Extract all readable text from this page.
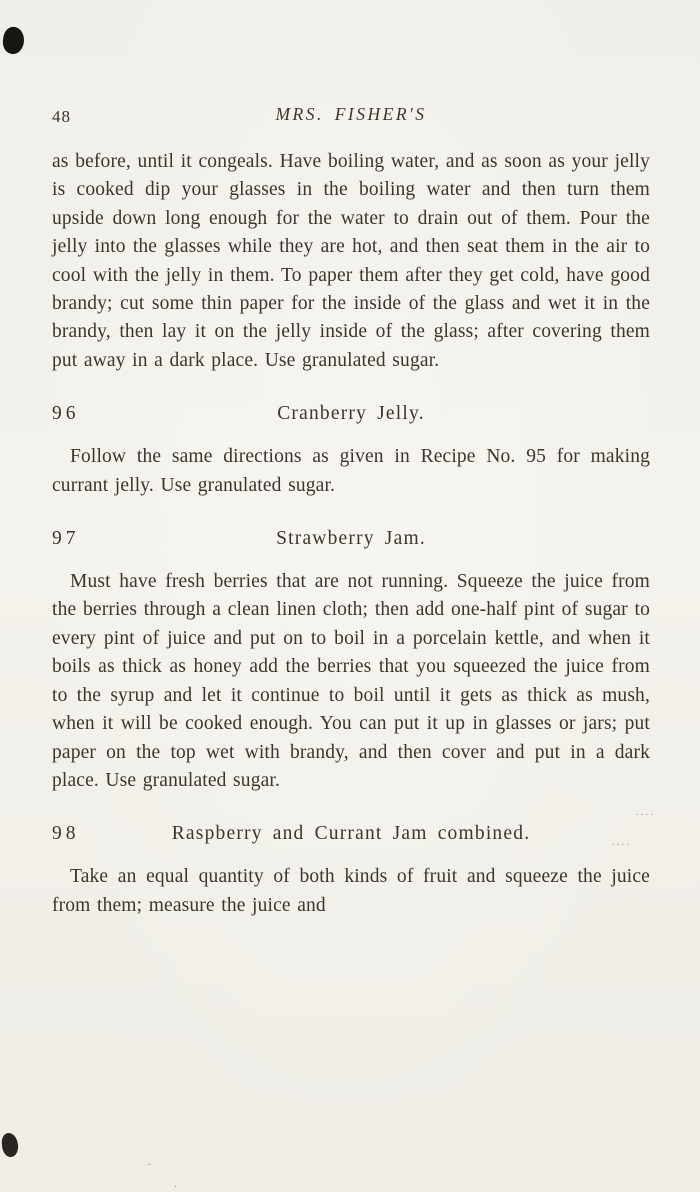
....
....
.
.
48	MRS. FISHER'S

as before, until it congeals. Have boiling water, and as soon as your jelly is cooked dip your glasses in the boiling water and then turn them upside down long enough for the water to drain out of them. Pour the jelly into the glasses while they are hot, and then seat them in the air to cool with the jelly in them. To paper them after they get cold, have good brandy; cut some thin paper for the inside of the glass and wet it in the brandy, then lay it on the jelly inside of the glass; after covering them put away in a dark place. Use granulated sugar.

96	Cranberry Jelly.

Follow the same directions as given in Recipe No. 95 for making currant jelly. Use granulated sugar.

97	Strawberry Jam.

Must have fresh berries that are not running. Squeeze the juice from the berries through a clean linen cloth; then add one-half pint of sugar to every pint of juice and put on to boil in a porcelain kettle, and when it boils as thick as honey add the berries that you squeezed the juice from to the syrup and let it continue to boil until it gets as thick as mush, when it will be cooked enough. You can put it up in glasses or jars; put paper on the top wet with brandy, and then cover and put in a dark place. Use granulated sugar.

98	Raspberry and Currant Jam combined.

Take an equal quantity of both kinds of fruit and squeeze the juice from them; measure the juice and
